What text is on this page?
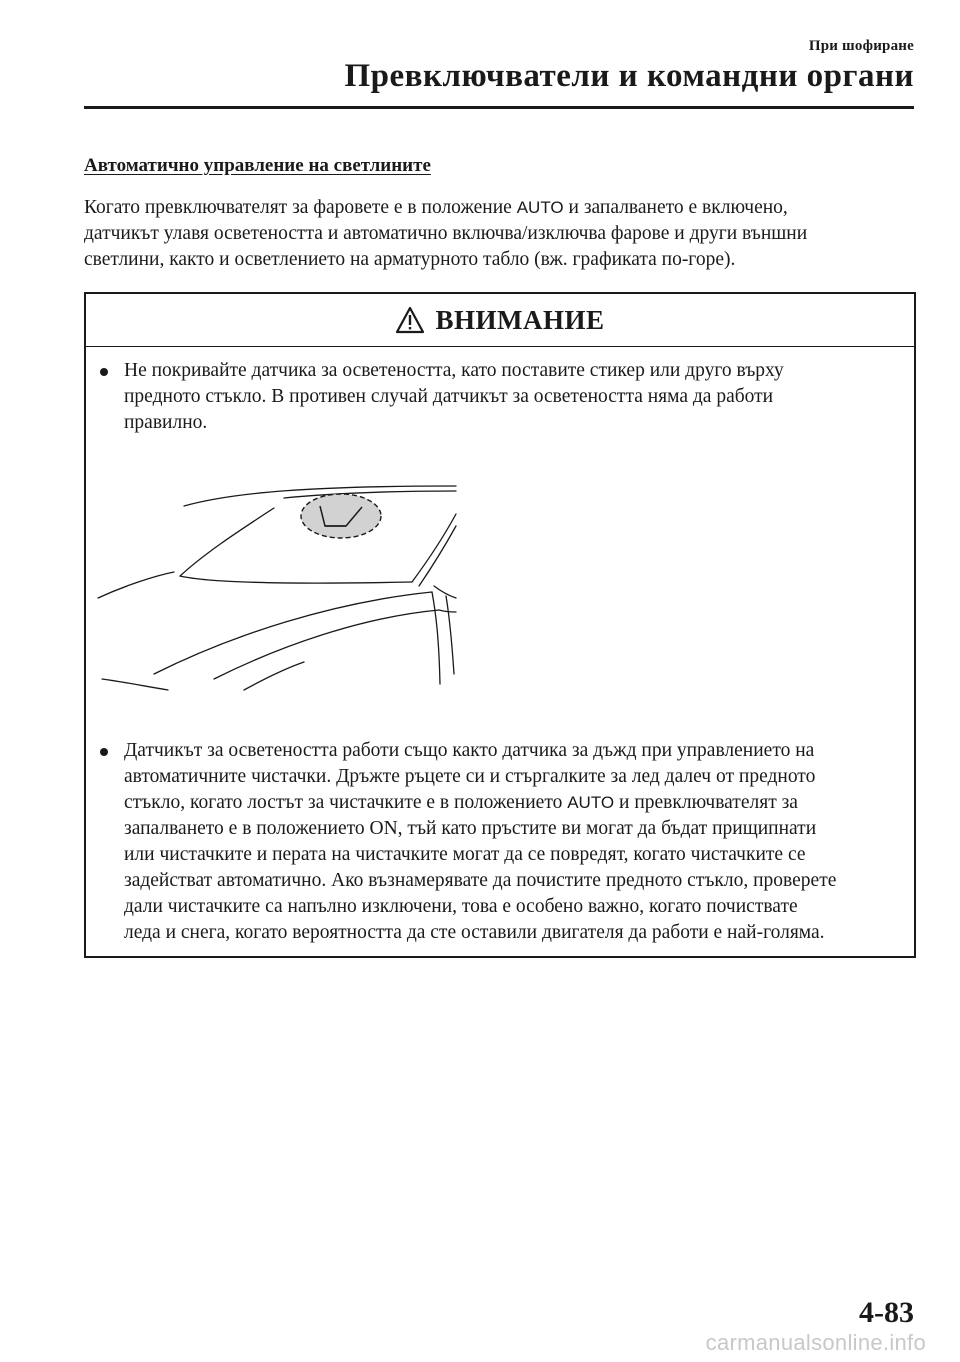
При шофиране
Превключватели и командни органи
Автоматично управление на светлините

Когато превключвателят за фаровете е в положение AUTO и запалването е включено,

датчикът улавя осветеността и автоматично включва/изключва фарове и други външни

светлини, както и осветлението на арматурното табло (вж. графиката по-горе).

ВНИМАНИЕ

Не покривайте датчика за осветеността, като поставите стикер или друго върху

предното стъкло. В противен случай датчикът за осветеността няма да работи

правилно.

Датчикът за осветеността работи също както датчика за дъжд при управлението на

автоматичните чистачки. Дръжте ръцете си и стъргалките за лед далеч от предното

стъкло, когато лостът за чистачките е в положението AUTO и превключвателят за

запалването е в положението ON, тъй като пръстите ви могат да бъдат прищипнати

или чистачките и перата на чистачките могат да се повредят, когато чистачките се

задействат автоматично. Ако възнамерявате да почистите предното стъкло, проверете

дали чистачките са напълно изключени, това е особено важно, когато почиствате

леда и снега, когато вероятността да сте оставили двигателя да работи е най-голяма.

4-83
carmanualsonline.info
